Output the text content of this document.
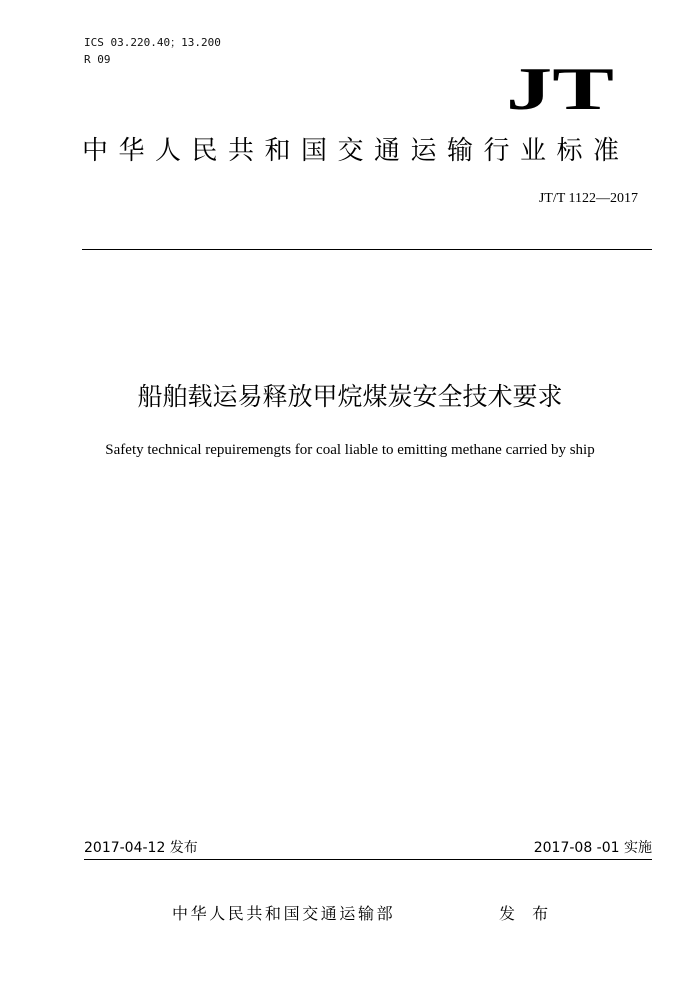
ICS 03.220.40；13.200
R 09	JT
中华人民共和国交通运输行业标准
JT/T 1122—2017
船舶载运易释放甲烷煤炭安全技术要求
Safety technical repuiremengts for coal liable to emitting methane carried by ship
2017-04-12 发布	2017-08 -01 实施
中华人民共和国交通运输部	发 布
